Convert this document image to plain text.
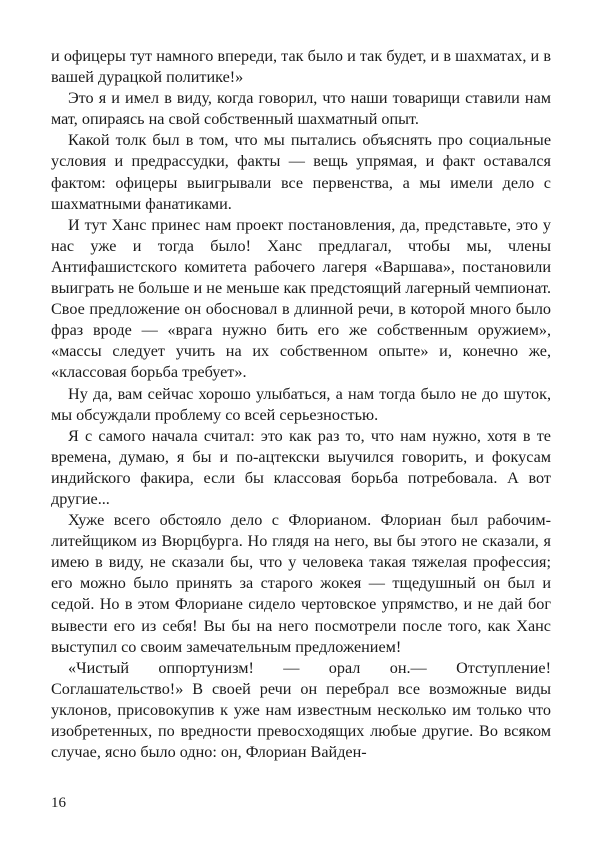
и офицеры тут намного впереди, так было и так будет, и в шахматах, и в вашей дурацкой политике!»

Это я и имел в виду, когда говорил, что наши товарищи ставили нам мат, опираясь на свой собственный шахматный опыт.

Какой толк был в том, что мы пытались объяснять про социальные условия и предрассудки, факты — вещь упрямая, и факт оставался фактом: офицеры выигрывали все первенства, а мы имели дело с шахматными фанатиками.

И тут Ханс принес нам проект постановления, да, представьте, это у нас уже и тогда было! Ханс предлагал, чтобы мы, члены Антифашистского комитета рабочего лагеря «Варшава», постановили выиграть не больше и не меньше как предстоящий лагерный чемпионат. Свое предложение он обосновал в длинной речи, в которой много было фраз вроде — «врага нужно бить его же собственным оружием», «массы следует учить на их собственном опыте» и, конечно же, «классовая борьба требует».

Ну да, вам сейчас хорошо улыбаться, а нам тогда было не до шуток, мы обсуждали проблему со всей серьезностью.

Я с самого начала считал: это как раз то, что нам нужно, хотя в те времена, думаю, я бы и по-ацтекски выучился говорить, и фокусам индийского факира, если бы классовая борьба потребовала. А вот другие...

Хуже всего обстояло дело с Флорианом. Флориан был рабочим-литейщиком из Вюрцбурга. Но глядя на него, вы бы этого не сказали, я имею в виду, не сказали бы, что у человека такая тяжелая профессия; его можно было принять за старого жокея — тщедушный он был и седой. Но в этом Флориане сидело чертовское упрямство, и не дай бог вывести его из себя! Вы бы на него посмотрели после того, как Ханс выступил со своим замечательным предложением!

«Чистый оппортунизм! — орал он.— Отступление! Соглашательство!» В своей речи он перебрал все возможные виды уклонов, присовокупив к уже нам известным несколько им только что изобретенных, по вредности превосходящих любые другие. Во всяком случае, ясно было одно: он, Флориан Вайден-

16
